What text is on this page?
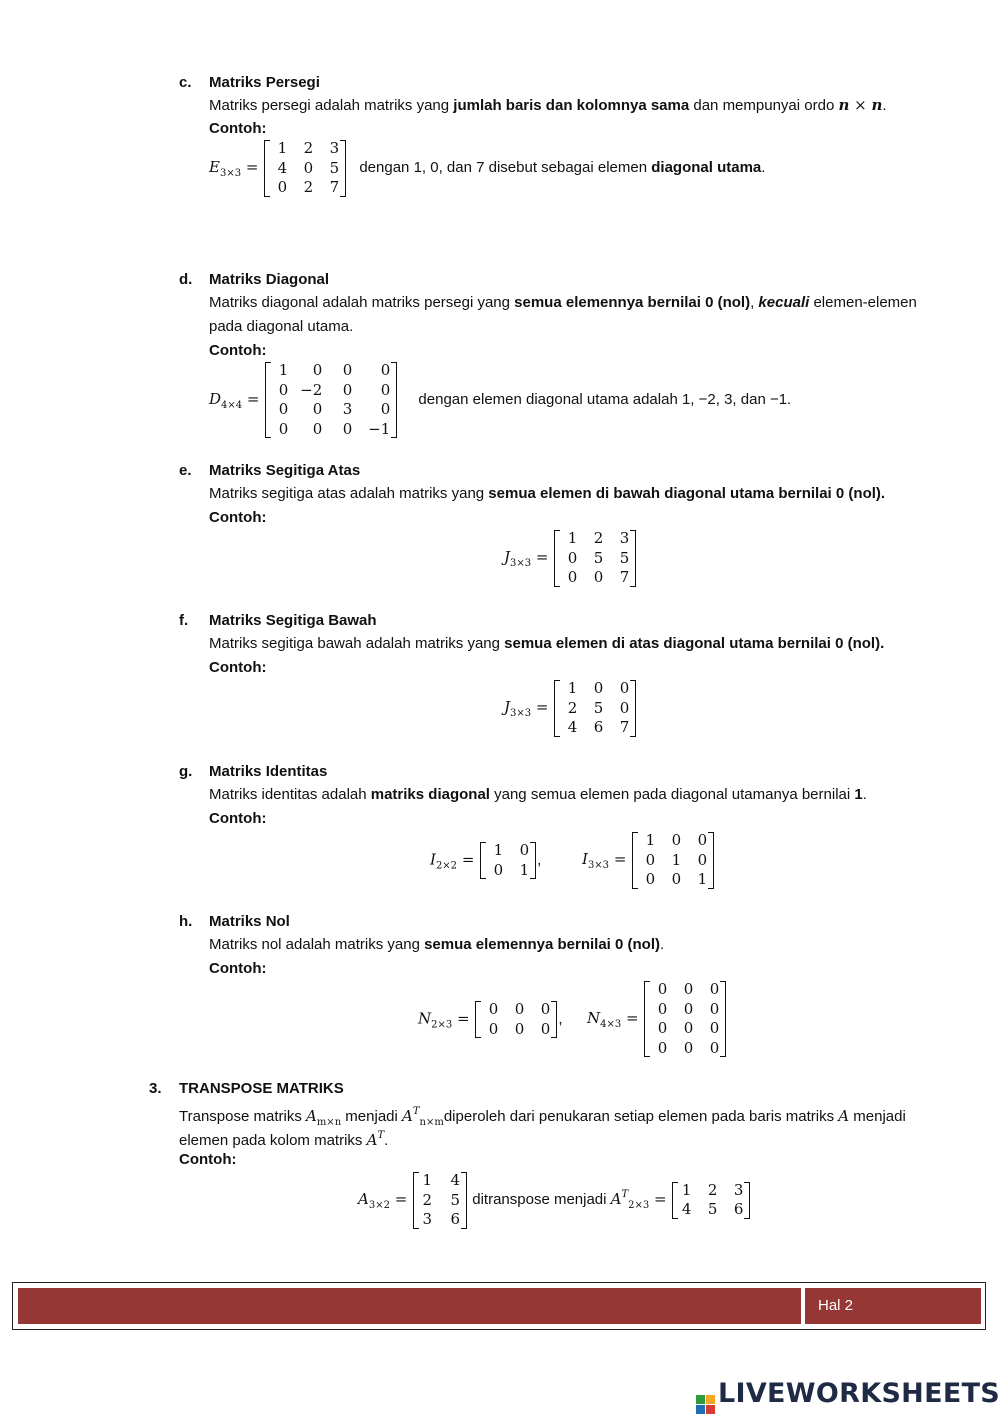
c. Matriks Persegi
Matriks persegi adalah matriks yang jumlah baris dan kolomnya sama dan mempunyai ordo n × n.
Contoh:
$E_{3\times 3}$ =
1	2	3
4	0	5
0	2	7
dengan 1, 0, dan 7 disebut sebagai elemen diagonal utama.
d. Matriks Diagonal
Matriks diagonal adalah matriks persegi yang semua elemennya bernilai 0 (nol), kecuali elemen-elemen
pada diagonal utama.
Contoh:
$D_{4\times 4}$ =
1	0	0	0
0 −2	0	0
0	0	3	0
0	0	0	−1
dengan elemen diagonal utama adalah 1, −2, 3, dan −1.
e. Matriks Segitiga Atas
Matriks segitiga atas adalah matriks yang semua elemen di bawah diagonal utama bernilai 0 (nol).
Contoh:
$J_{3\times 3}$ =
1	2	3
0	5	5
0	0	7
f. Matriks Segitiga Bawah
Matriks segitiga bawah adalah matriks yang semua elemen di atas diagonal utama bernilai 0 (nol).
Contoh:
$J_{3\times 3}$ =
1	0	0
2	5	0
4	6	7
g. Matriks Identitas
Matriks identitas adalah matriks diagonal yang semua elemen pada diagonal utamanya bernilai 1.
Contoh:
$I_{2\times 2}$ =
1	0
0	1
,	$I_{3\times 3}$ =
1	0	0
0	1	0
0	0	1
h. Matriks Nol
Matriks nol adalah matriks yang semua elemennya bernilai 0 (nol).
Contoh:
$N_{2\times 3}$ =
0	0	0
0	0	0
, $N_{4\times 3}$ =
0	0	0
0	0	0
0	0	0
0	0	0
3. TRANSPOSE MATRIKS
Transpose matriks $A_{m\times n}$ menjadi $A^T_{n\times m}diperoleh$ dari penukaran setiap elemen pada baris matriks A menjadi
elemen pada kolom matriks $A^T$.
Contoh:
$A_{3\times 2}$ =
1	4
2	5
3	6
ditranspose menjadi $A^T_{2\times 3}$ =
1	2	3
4	5	6
Hal 2
LIVEWORKSHEETS
